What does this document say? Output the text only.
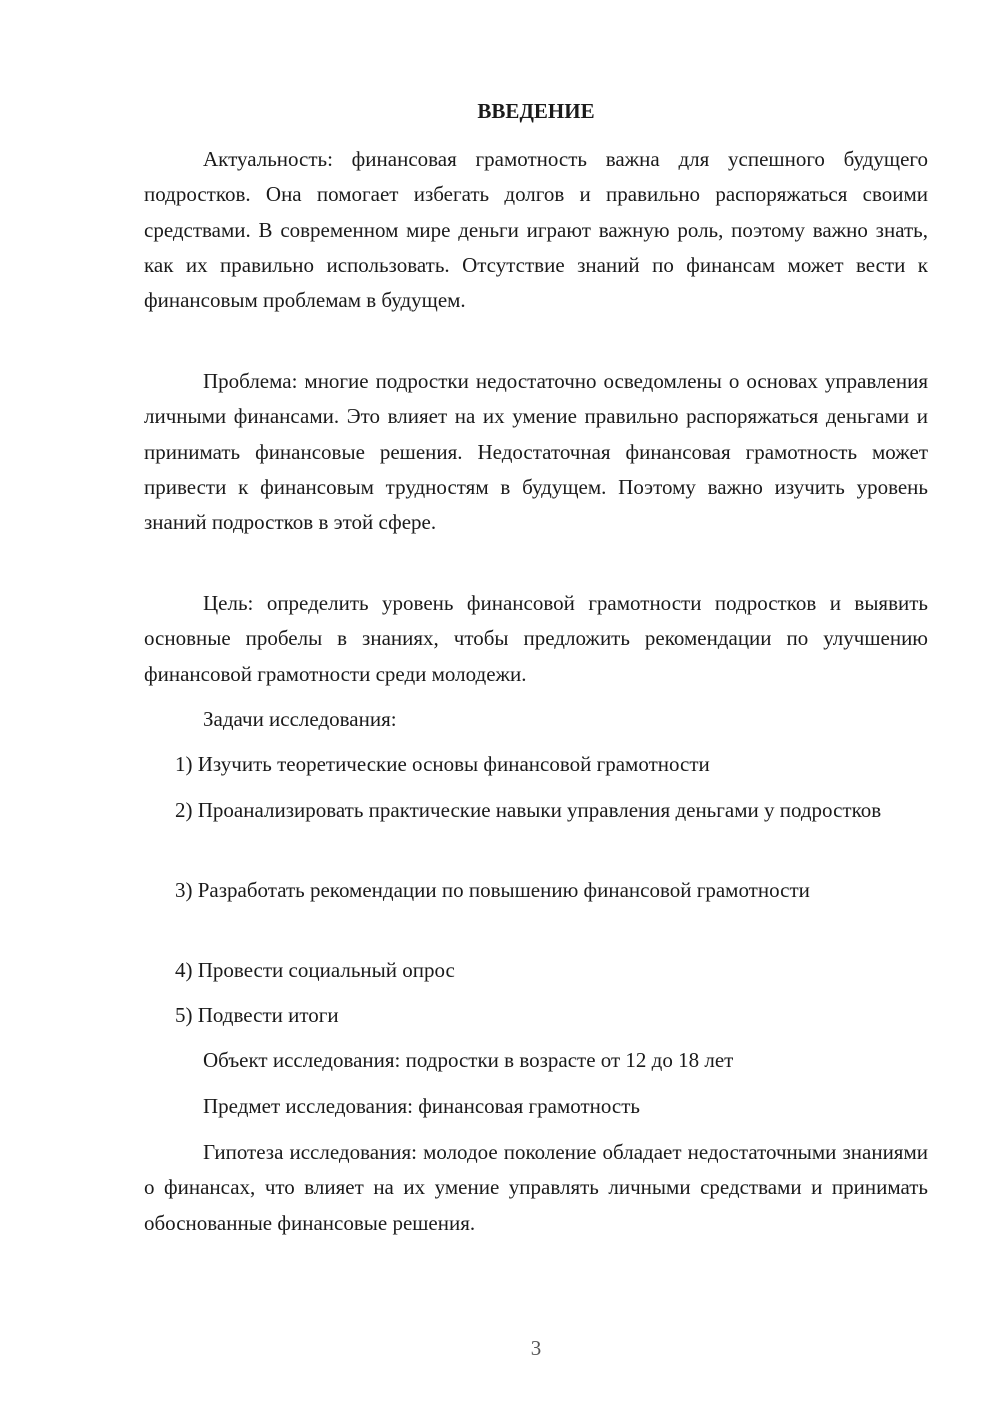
ВВЕДЕНИЕ

Актуальность: финансовая грамотность важна для успешного будущего подростков. Она помогает избегать долгов и правильно распоряжаться своими средствами. В современном мире деньги играют важную роль, поэтому важно знать, как их правильно использовать. Отсутствие знаний по финансам может вести к финансовым проблемам в будущем.

Проблема: многие подростки недостаточно осведомлены о основах управления личными финансами. Это влияет на их умение правильно распоряжаться деньгами и принимать финансовые решения. Недостаточная финансовая грамотность может привести к финансовым трудностям в будущем. Поэтому важно изучить уровень знаний подростков в этой сфере.

Цель: определить уровень финансовой грамотности подростков и выявить основные пробелы в знаниях, чтобы предложить рекомендации по улучшению финансовой грамотности среди молодежи.

Задачи исследования:

1) Изучить теоретические основы финансовой грамотности

2) Проанализировать практические навыки управления деньгами у подростков

3) Разработать рекомендации по повышению финансовой грамотности

4) Провести социальный опрос

5) Подвести итоги

Объект исследования: подростки в возрасте от 12 до 18 лет

Предмет исследования: финансовая грамотность

Гипотеза исследования: молодое поколение обладает недостаточными знаниями о финансах, что влияет на их умение управлять личными средствами и принимать обоснованные финансовые решения.

3
